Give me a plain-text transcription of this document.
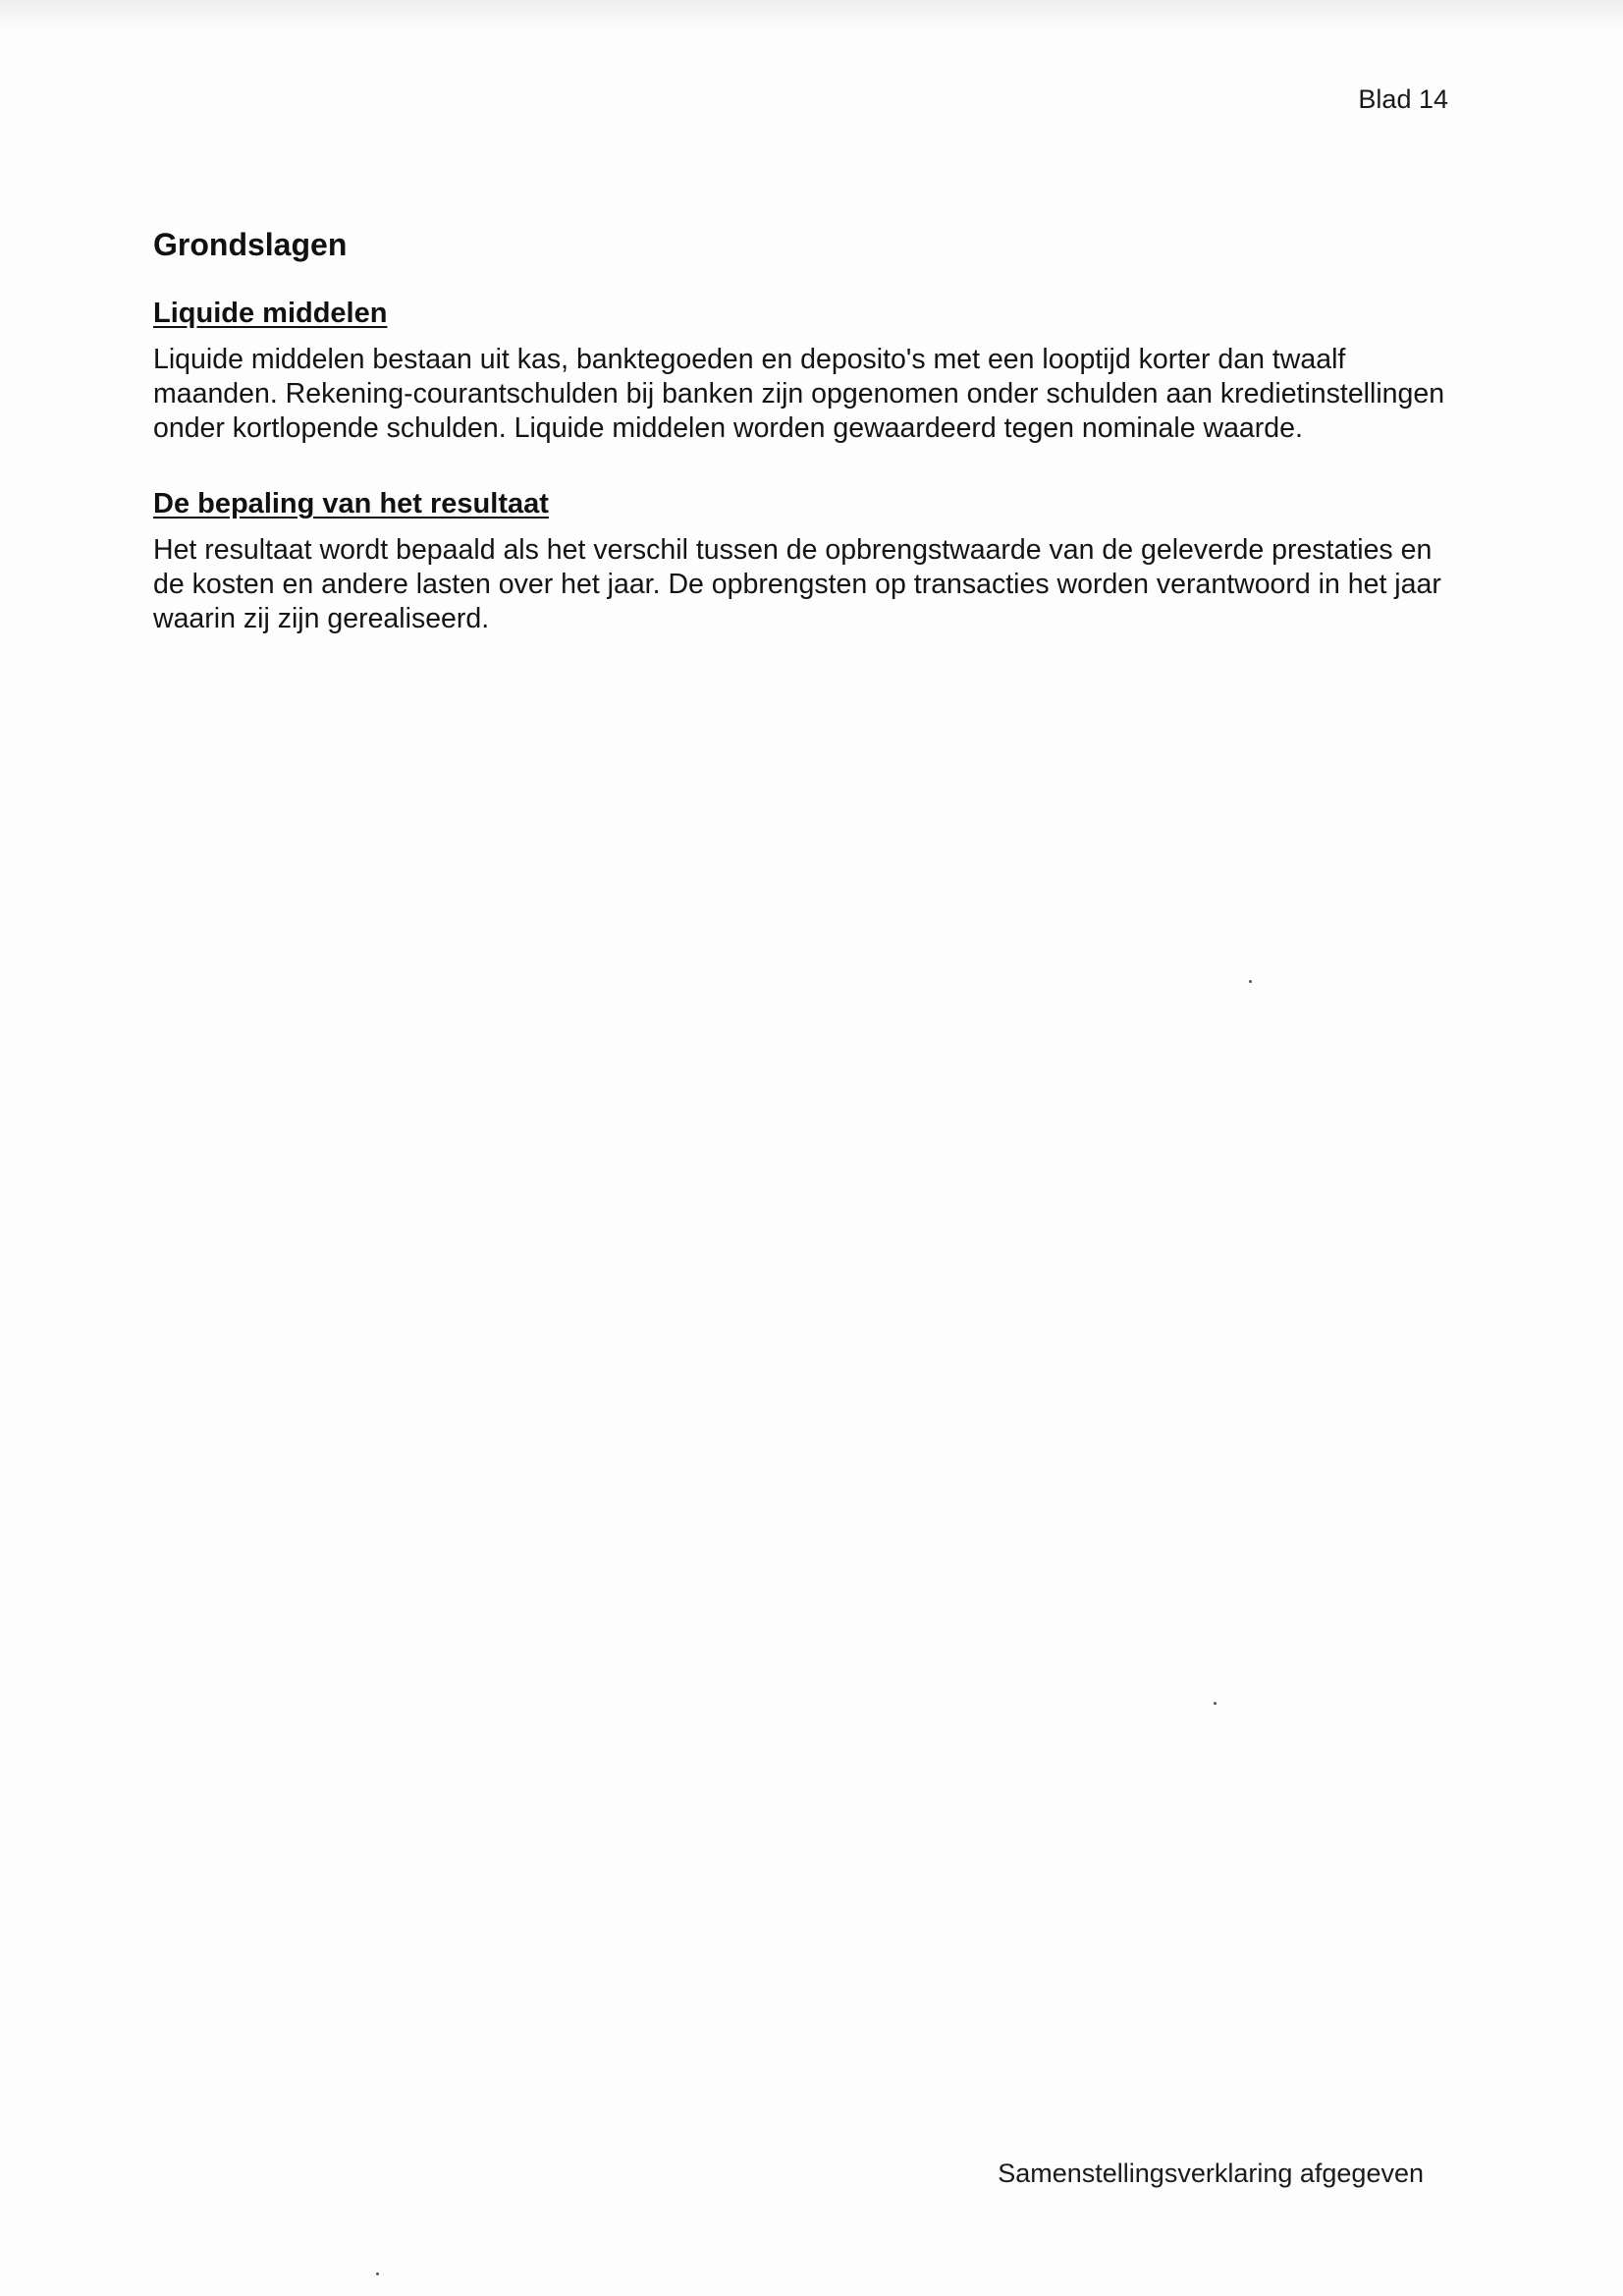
Blad 14
Grondslagen
Liquide middelen

Liquide middelen bestaan uit kas, banktegoeden en deposito's met een looptijd korter dan twaalf maanden. Rekening-courantschulden bij banken zijn opgenomen onder schulden aan kredietinstellingen onder kortlopende schulden. Liquide middelen worden gewaardeerd tegen nominale waarde.

De bepaling van het resultaat

Het resultaat wordt bepaald als het verschil tussen de opbrengstwaarde van de geleverde prestaties en de kosten en andere lasten over het jaar. De opbrengsten op transacties worden verantwoord in het jaar waarin zij zijn gerealiseerd.

Samenstellingsverklaring afgegeven
